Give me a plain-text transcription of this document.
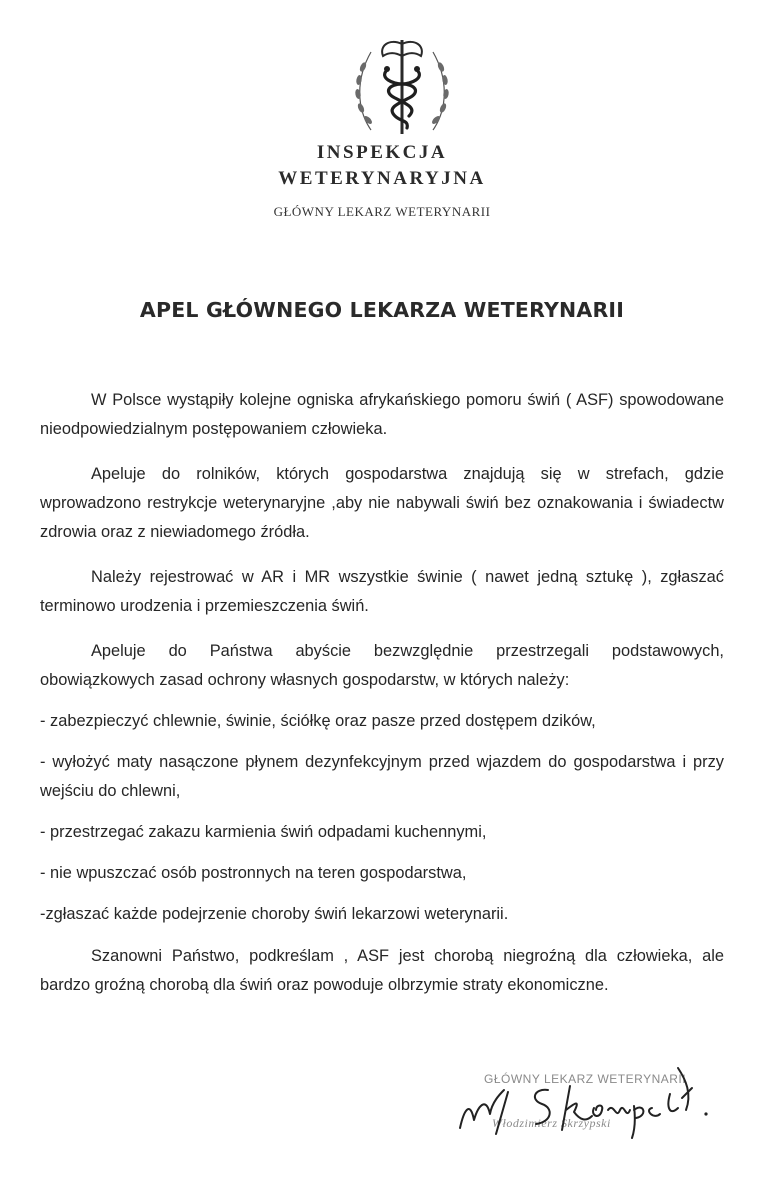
INSPEKCJA
WETERYNARYJNA
GŁÓWNY LEKARZ WETERYNARII
APEL GŁÓWNEGO LEKARZA WETERYNARII

W Polsce wystąpiły kolejne ogniska afrykańskiego pomoru świń ( ASF) spowodowane nieodpowiedzialnym postępowaniem człowieka.

Apeluje do rolników, których gospodarstwa znajdują się w strefach, gdzie wprowadzono restrykcje weterynaryjne ,aby nie nabywali świń bez oznakowania i świadectw zdrowia oraz z niewiadomego źródła.

Należy rejestrować w AR i MR wszystkie świnie ( nawet jedną sztukę ), zgłaszać terminowo urodzenia i przemieszczenia świń.

Apeluje do Państwa abyście bezwzględnie przestrzegali podstawowych, obowiązkowych zasad ochrony własnych gospodarstw, w których należy:

- zabezpieczyć chlewnie, świnie, ściółkę oraz pasze przed dostępem dzików,

- wyłożyć maty nasączone płynem dezynfekcyjnym przed wjazdem do gospodarstwa i przy wejściu do chlewni,

- przestrzegać zakazu karmienia świń odpadami kuchennymi,

- nie wpuszczać osób postronnych na teren gospodarstwa,

-zgłaszać każde podejrzenie choroby świń lekarzowi weterynarii.

Szanowni Państwo, podkreślam , ASF jest chorobą niegroźną dla człowieka, ale bardzo groźną chorobą dla świń oraz powoduje olbrzymie straty ekonomiczne.

GŁÓWNY LEKARZ WETERYNARII
Włodzimierz Skrzypski
